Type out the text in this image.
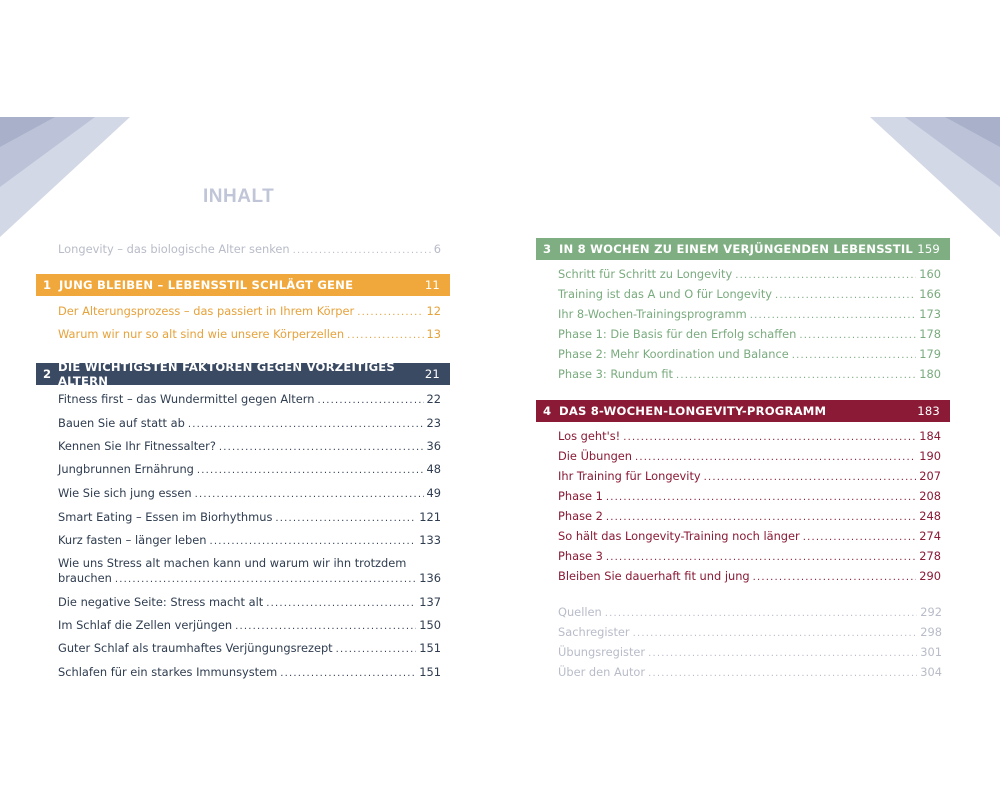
INHALT
Longevity – das biologische Alter senken .....	6
1 JUNG BLEIBEN – LEBENSSTIL SCHLÄGT GENE	11
Der Alterungsprozess – das passiert in Ihrem Körper .....	12
Warum wir nur so alt sind wie unsere Körperzellen .....	13
2 DIE WICHTIGSTEN FAKTOREN GEGEN VORZEITIGES ALTERN	21
Fitness first – das Wundermittel gegen Altern .....	22
Bauen Sie auf statt ab .....	23
Kennen Sie Ihr Fitnessalter? .....	36
Jungbrunnen Ernährung .....	48
Wie Sie sich jung essen .....	49
Smart Eating – Essen im Biorhythmus .....	121
Kurz fasten – länger leben .....	133
Wie uns Stress alt machen kann und warum wir ihn trotzdem
brauchen .....	136
Die negative Seite: Stress macht alt .....	137
Im Schlaf die Zellen verjüngen .....	150
Guter Schlaf als traumhaftes Verjüngungsrezept .....	151
Schlafen für ein starkes Immunsystem .....	151
3 IN 8 WOCHEN ZU EINEM VERJÜNGENDEN LEBENSSTIL 159
Schritt für Schritt zu Longevity .....	160
Training ist das A und O für Longevity .....	166
Ihr 8-Wochen-Trainingsprogramm .....	173
Phase 1: Die Basis für den Erfolg schaffen .....	178
Phase 2: Mehr Koordination und Balance .....	179
Phase 3: Rundum fit .....	180
4 DAS 8-WOCHEN-LONGEVITY-PROGRAMM	183
Los geht's! .....	184
Die Übungen .....	190
Ihr Training für Longevity .....	207
Phase 1 .....	208
Phase 2 .....	248
So hält das Longevity-Training noch länger .....	274
Phase 3 .....	278
Bleiben Sie dauerhaft fit und jung .....	290
Quellen .....	292
Sachregister .....	298
Übungsregister .....	301
Über den Autor .....	304
